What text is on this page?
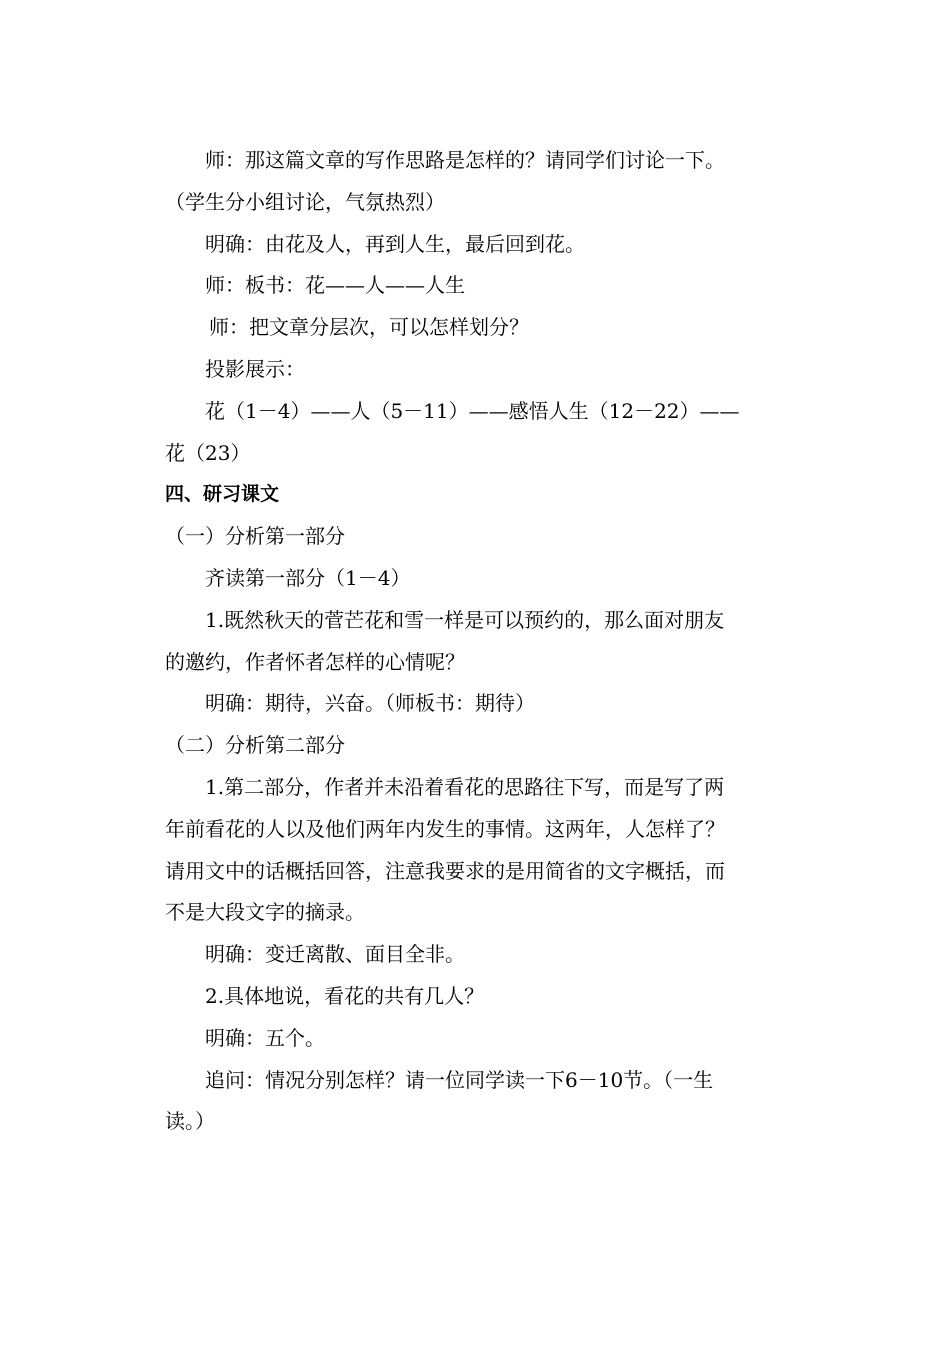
师：那这篇文章的写作思路是怎样的？请同学们讨论一下。
（学生分小组讨论，气氛热烈）
明确：由花及人，再到人生，最后回到花。
师：板书：花——人——人生
师：把文章分层次，可以怎样划分？
投影展示：
花（1－4）——人（5－11）——感悟人生（12－22）——
花（23）
四、研习课文
（一）分析第一部分
齐读第一部分（1－4）
1.既然秋天的菅芒花和雪一样是可以预约的，那么面对朋友
的邀约，作者怀者怎样的心情呢？
明确：期待，兴奋。（师板书：期待）
（二）分析第二部分
1.第二部分，作者并未沿着看花的思路往下写，而是写了两
年前看花的人以及他们两年内发生的事情。这两年，人怎样了？
请用文中的话概括回答，注意我要求的是用简省的文字概括，而
不是大段文字的摘录。
明确：变迁离散、面目全非。
2.具体地说，看花的共有几人？
明确：五个。
追问：情况分别怎样？请一位同学读一下6－10节。（一生
读。）
